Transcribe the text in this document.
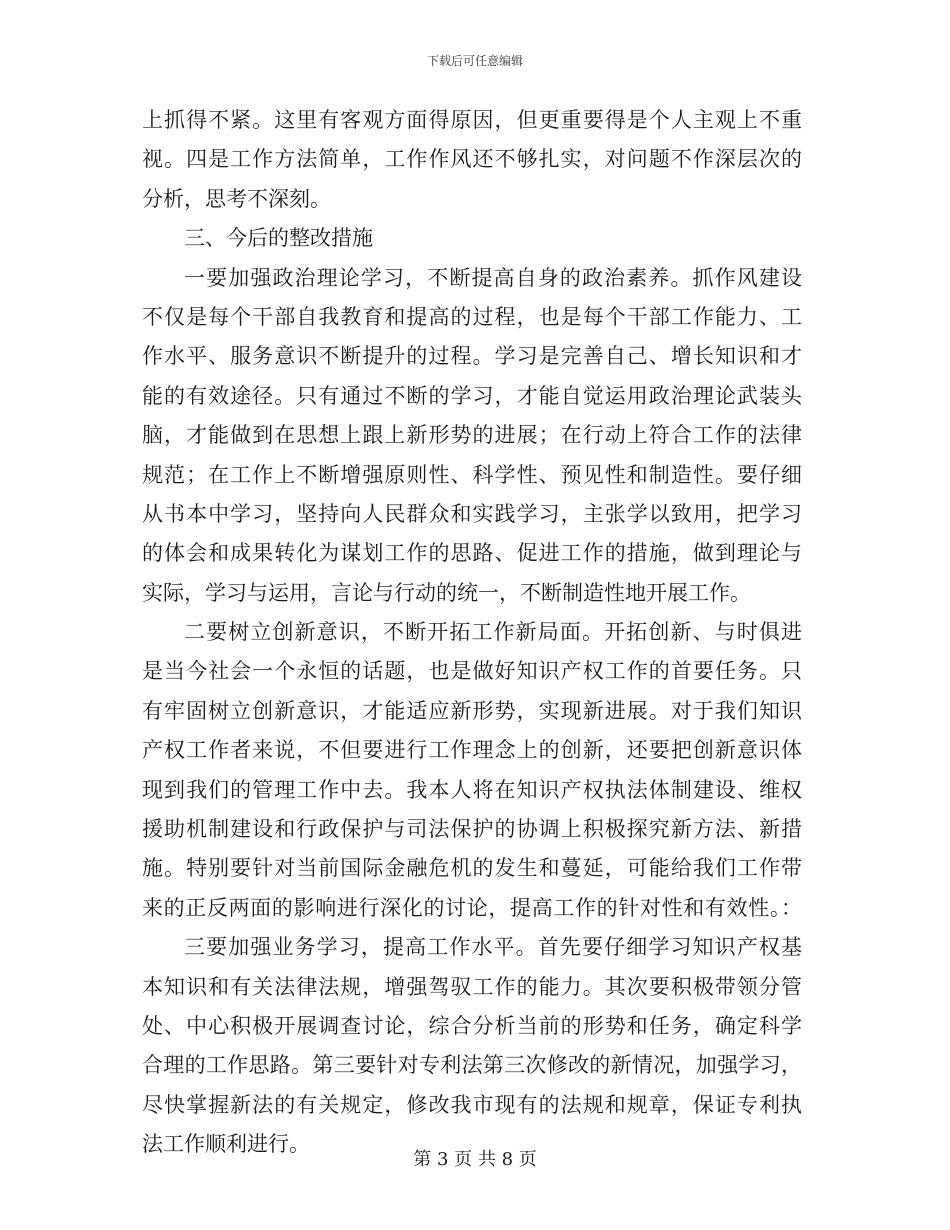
下载后可任意编辑
上抓得不紧。这里有客观方面得原因，但更重要得是个人主观上不重
视。四是工作方法简单，工作作风还不够扎实，对问题不作深层次的
分析，思考不深刻。
三、今后的整改措施
一要加强政治理论学习，不断提高自身的政治素养。抓作风建设
不仅是每个干部自我教育和提高的过程，也是每个干部工作能力、工
作水平、服务意识不断提升的过程。学习是完善自己、增长知识和才
能的有效途径。只有通过不断的学习，才能自觉运用政治理论武装头
脑，才能做到在思想上跟上新形势的进展；在行动上符合工作的法律
规范；在工作上不断增强原则性、科学性、预见性和制造性。要仔细
从书本中学习，坚持向人民群众和实践学习，主张学以致用，把学习
的体会和成果转化为谋划工作的思路、促进工作的措施，做到理论与
实际，学习与运用，言论与行动的统一，不断制造性地开展工作。
二要树立创新意识，不断开拓工作新局面。开拓创新、与时俱进
是当今社会一个永恒的话题，也是做好知识产权工作的首要任务。只
有牢固树立创新意识，才能适应新形势，实现新进展。对于我们知识
产权工作者来说，不但要进行工作理念上的创新，还要把创新意识体
现到我们的管理工作中去。我本人将在知识产权执法体制建设、维权
援助机制建设和行政保护与司法保护的协调上积极探究新方法、新措
施。特别要针对当前国际金融危机的发生和蔓延，可能给我们工作带
来的正反两面的影响进行深化的讨论，提高工作的针对性和有效性。：
三要加强业务学习，提高工作水平。首先要仔细学习知识产权基
本知识和有关法律法规，增强驾驭工作的能力。其次要积极带领分管
处、中心积极开展调查讨论，综合分析当前的形势和任务，确定科学
合理的工作思路。第三要针对专利法第三次修改的新情况，加强学习，
尽快掌握新法的有关规定，修改我市现有的法规和规章，保证专利执
法工作顺利进行。
第 3 页 共 8 页
